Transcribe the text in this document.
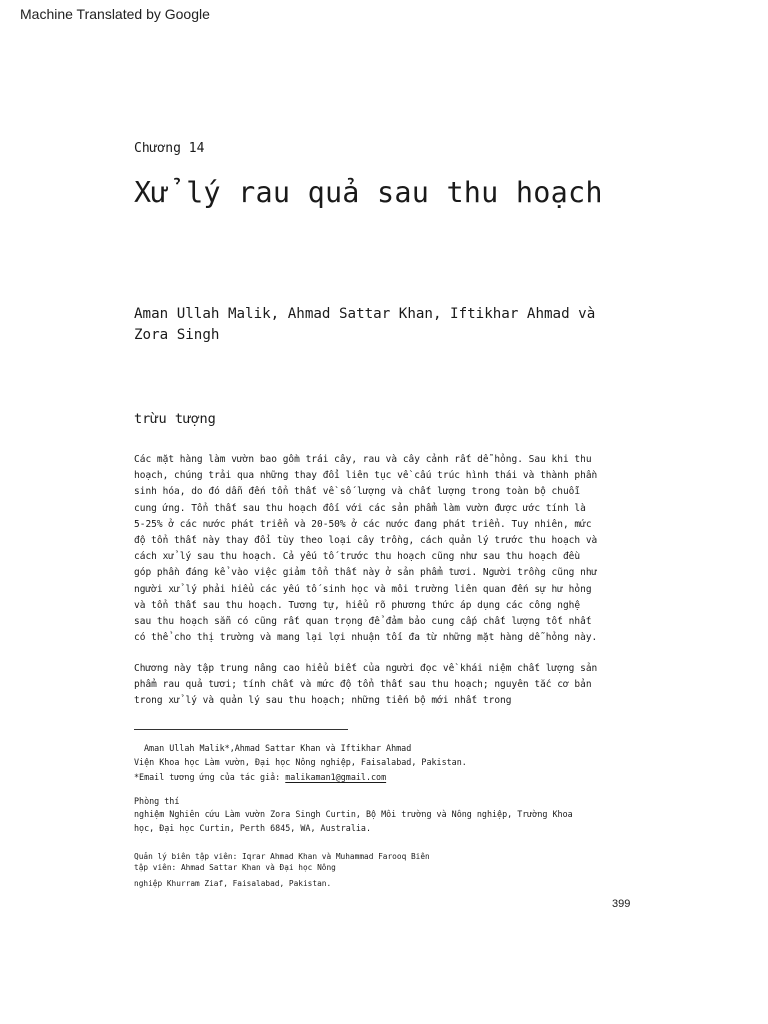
Machine Translated by Google
Chương 14
Xử lý rau quả sau thu hoạch
Aman Ullah Malik, Ahmad Sattar Khan, Iftikhar Ahmad và Zora Singh
trừu tượng
Các mặt hàng làm vườn bao gồm trái cây, rau và cây cảnh rất dễ hỏng. Sau khi thu
hoạch, chúng trải qua những thay đổi liên tục về cấu trúc hình thái và thành phần
sinh hóa, do đó dẫn đến tổn thất về số lượng và chất lượng trong toàn bộ chuỗi
cung ứng. Tổn thất sau thu hoạch đối với các sản phẩm làm vườn được ước tính là
5-25% ở các nước phát triển và 20-50% ở các nước đang phát triển. Tuy nhiên, mức
độ tổn thất này thay đổi tùy theo loại cây trồng, cách quản lý trước thu hoạch và
cách xử lý sau thu hoạch. Cả yếu tố trước thu hoạch cũng như sau thu hoạch đều
góp phần đáng kể vào việc giảm tổn thất này ở sản phẩm tươi. Người trồng cũng như
người xử lý phải hiểu các yếu tố sinh học và môi trường liên quan đến sự hư hỏng
và tổn thất sau thu hoạch. Tương tự, hiểu rõ phương thức áp dụng các công nghệ
sau thu hoạch sẵn có cũng rất quan trọng để đảm bảo cung cấp chất lượng tốt nhất
có thể cho thị trường và mang lại lợi nhuận tối đa từ những mặt hàng dễ hỏng này.
Chương này tập trung nâng cao hiểu biết của người đọc về khái niệm chất lượng sản
phẩm rau quả tươi; tính chất và mức độ tổn thất sau thu hoạch; nguyên tắc cơ bản
trong xử lý và quản lý sau thu hoạch; những tiến bộ mới nhất trong
Aman Ullah Malik*,Ahmad Sattar Khan và Iftikhar Ahmad
Viện Khoa học Làm vườn, Đại học Nông nghiệp, Faisalabad, Pakistan.
*Email tương ứng của tác giả: malikaman1@gmail.com
Phòng thí
nghiệm Nghiên cứu Làm vườn Zora Singh Curtin, Bộ Môi trường và Nông nghiệp, Trường Khoa
học, Đại học Curtin, Perth 6845, WA, Australia.
Quản lý biên tập viên: Iqrar Ahmad Khan và Muhammad Farooq Biên
tập viên: Ahmad Sattar Khan và Đại học Nông
nghiệp Khurram Ziaf, Faisalabad, Pakistan.
399
